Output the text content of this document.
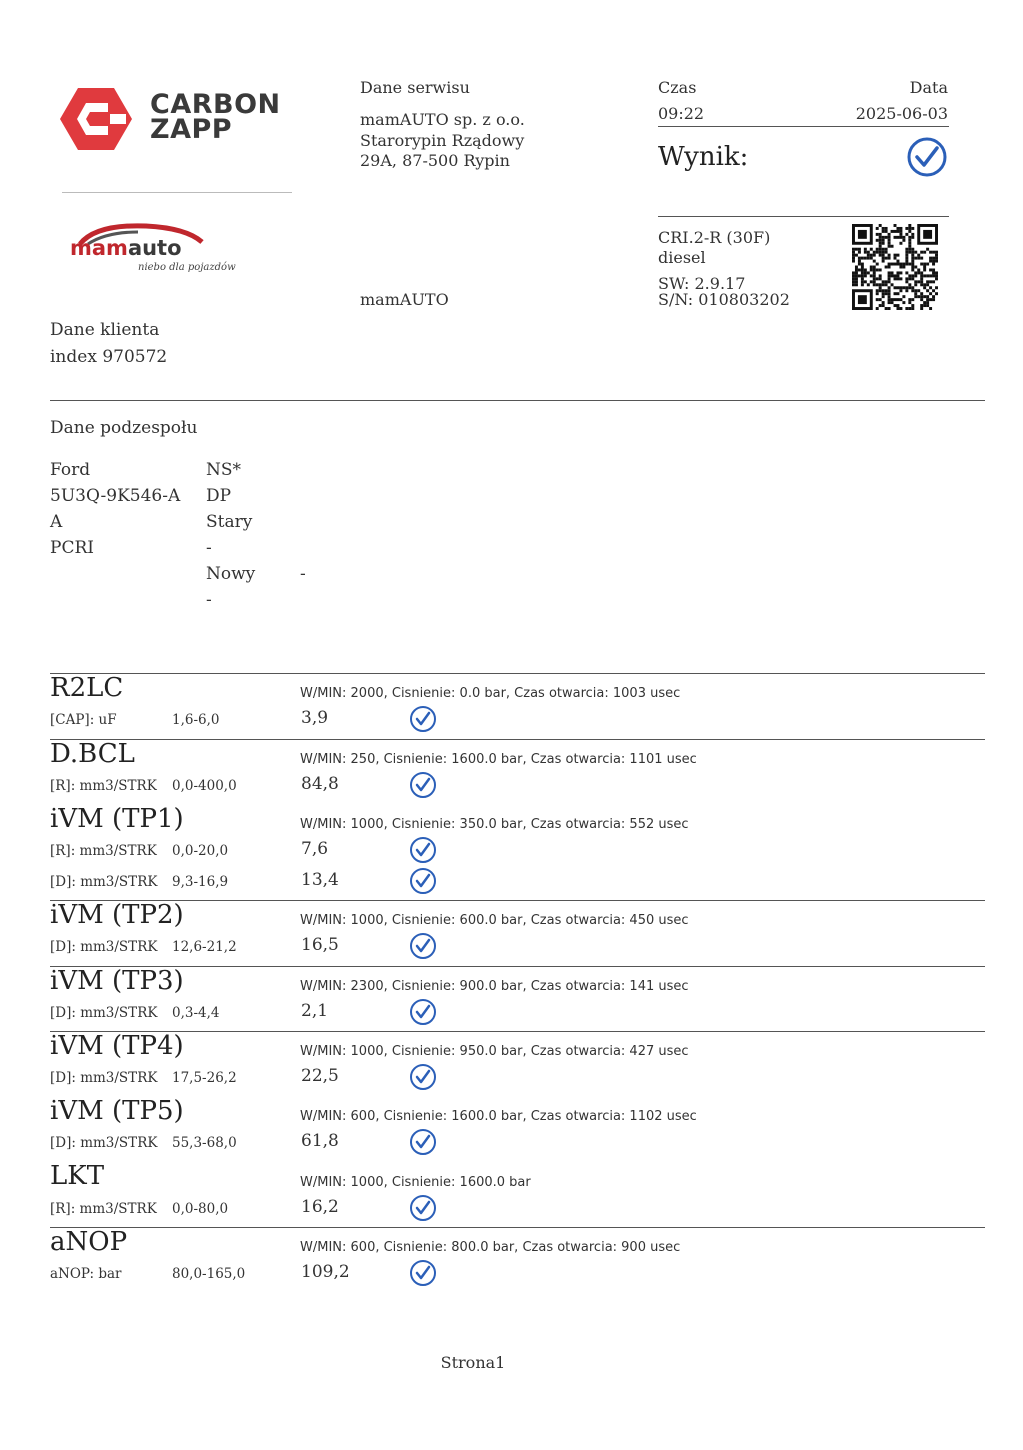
CARBON
ZAPP
mamauto
niebo dla pojazdów
Dane serwisu
mamAUTO sp. z o.o.
Starorypin Rządowy
29A, 87-500 Rypin
mamAUTO
Czas	Data
09:22	2025-06-03
Wynik:
CRI.2-R (30F)
diesel
SW: 2.9.17
S/N: 010803202
Dane klienta
index 970572
Dane podzespołu
Ford
5U3Q-9K546-A
A
PCRI
NS*
DP
Stary
-
Nowy
-
-
R2LC	W/MIN: 2000, Cisnienie: 0.0 bar, Czas otwarcia: 1003 usec
[CAP]: uF	1,6-6,0	3,9
D.BCL	W/MIN: 250, Cisnienie: 1600.0 bar, Czas otwarcia: 1101 usec
[R]: mm3/STRK 0,0-400,0	84,8
iVM (TP1)	W/MIN: 1000, Cisnienie: 350.0 bar, Czas otwarcia: 552 usec
[R]: mm3/STRK 0,0-20,0	7,6
[D]: mm3/STRK 9,3-16,9	13,4
iVM (TP2)	W/MIN: 1000, Cisnienie: 600.0 bar, Czas otwarcia: 450 usec
[D]: mm3/STRK 12,6-21,2	16,5
iVM (TP3)	W/MIN: 2300, Cisnienie: 900.0 bar, Czas otwarcia: 141 usec
[D]: mm3/STRK 0,3-4,4	2,1
iVM (TP4)	W/MIN: 1000, Cisnienie: 950.0 bar, Czas otwarcia: 427 usec
[D]: mm3/STRK 17,5-26,2	22,5
iVM (TP5)	W/MIN: 600, Cisnienie: 1600.0 bar, Czas otwarcia: 1102 usec
[D]: mm3/STRK 55,3-68,0	61,8
LKT	W/MIN: 1000, Cisnienie: 1600.0 bar
[R]: mm3/STRK 0,0-80,0	16,2
aNOP	W/MIN: 600, Cisnienie: 800.0 bar, Czas otwarcia: 900 usec
aNOP: bar	80,0-165,0	109,2
Strona1
